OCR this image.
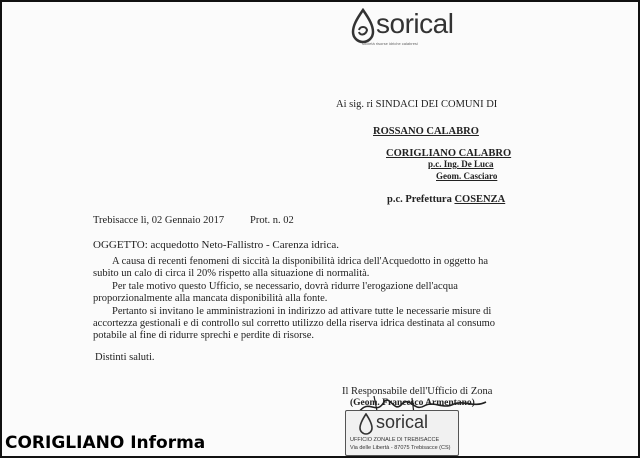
sorical
società risorse idriche calabresi
Ai sig. ri SINDACI DEI COMUNI DI
ROSSANO CALABRO
CORIGLIANO CALABRO
p.c. Ing. De Luca
Geom. Casciaro
p.c. Prefettura COSENZA
Trebisacce lì, 02 Gennaio 2017 Prot. n. 02
OGGETTO: acquedotto Neto-Fallistro - Carenza idrica.
A causa di recenti fenomeni di siccità la disponibilità idrica dell'Acquedotto in oggetto ha
subito un calo di circa il 20% rispetto alla situazione di normalità.
Per tale motivo questo Ufficio, se necessario, dovrà ridurre l'erogazione dell'acqua
proporzionalmente alla mancata disponibilità alla fonte.
Pertanto si invitano le amministrazioni in indirizzo ad attivare tutte le necessarie misure di
accortezza gestionali e di controllo sul corretto utilizzo della riserva idrica destinata al consumo
potabile al fine di ridurre sprechi e perdite di risorse.
Distinti saluti.
Il Responsabile dell'Ufficio di Zona
(Geom. Francesco Armentano)
sorical
UFFICIO ZONALE DI TREBISACCE
Via delle Libertà - 87075 Trebisacce (CS)
CORIGLIANO Informa
